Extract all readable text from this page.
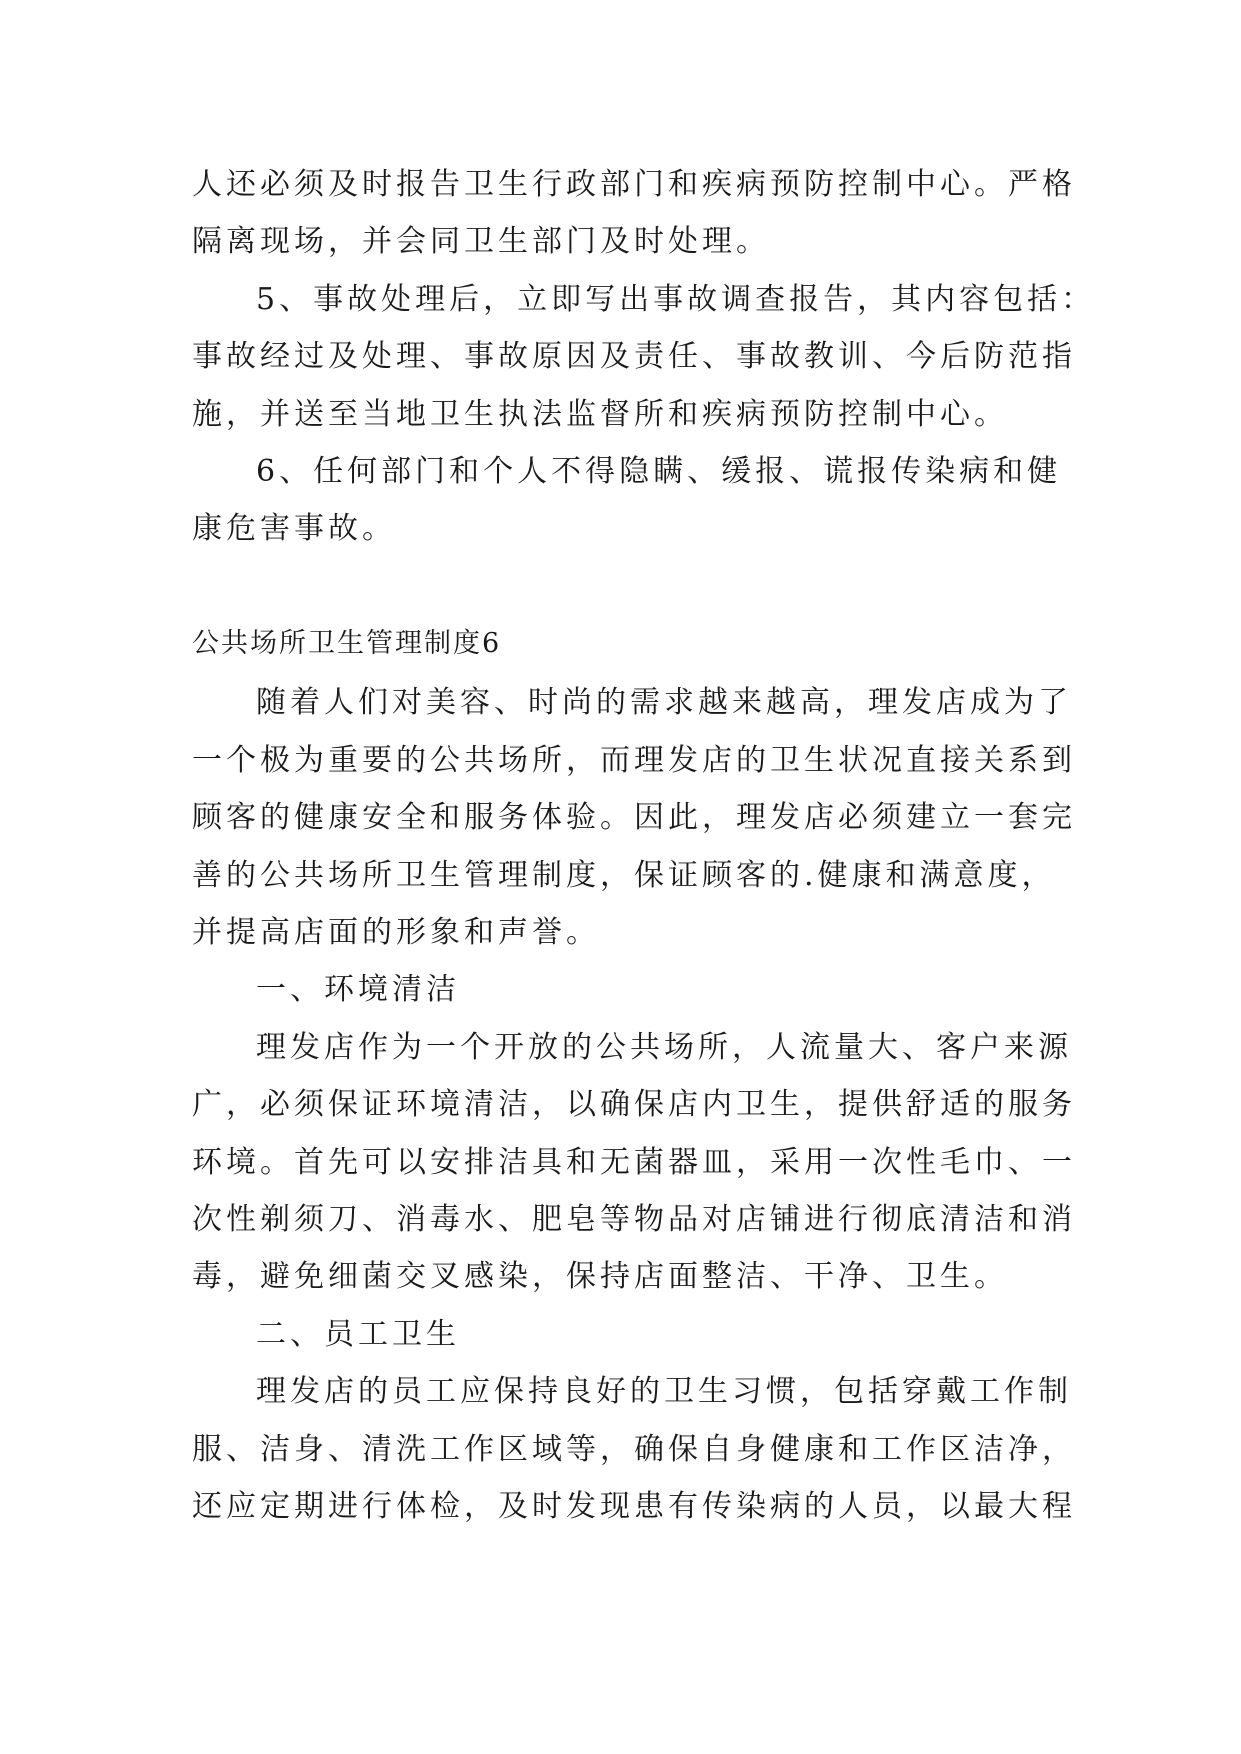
人还必须及时报告卫生行政部门和疾病预防控制中心。严格
隔离现场，并会同卫生部门及时处理。
5、事故处理后，立即写出事故调查报告，其内容包括：
事故经过及处理、事故原因及责任、事故教训、今后防范指
施，并送至当地卫生执法监督所和疾病预防控制中心。
6、任何部门和个人不得隐瞒、缓报、谎报传染病和健
康危害事故。
公共场所卫生管理制度6
随着人们对美容、时尚的需求越来越高，理发店成为了
一个极为重要的公共场所，而理发店的卫生状况直接关系到
顾客的健康安全和服务体验。因此，理发店必须建立一套完
善的公共场所卫生管理制度，保证顾客的.健康和满意度，
并提高店面的形象和声誉。
一、环境清洁
理发店作为一个开放的公共场所，人流量大、客户来源
广，必须保证环境清洁，以确保店内卫生，提供舒适的服务
环境。首先可以安排洁具和无菌器皿，采用一次性毛巾、一
次性剃须刀、消毒水、肥皂等物品对店铺进行彻底清洁和消
毒，避免细菌交叉感染，保持店面整洁、干净、卫生。
二、员工卫生
理发店的员工应保持良好的卫生习惯，包括穿戴工作制
服、洁身、清洗工作区域等，确保自身健康和工作区洁净，
还应定期进行体检，及时发现患有传染病的人员，以最大程
